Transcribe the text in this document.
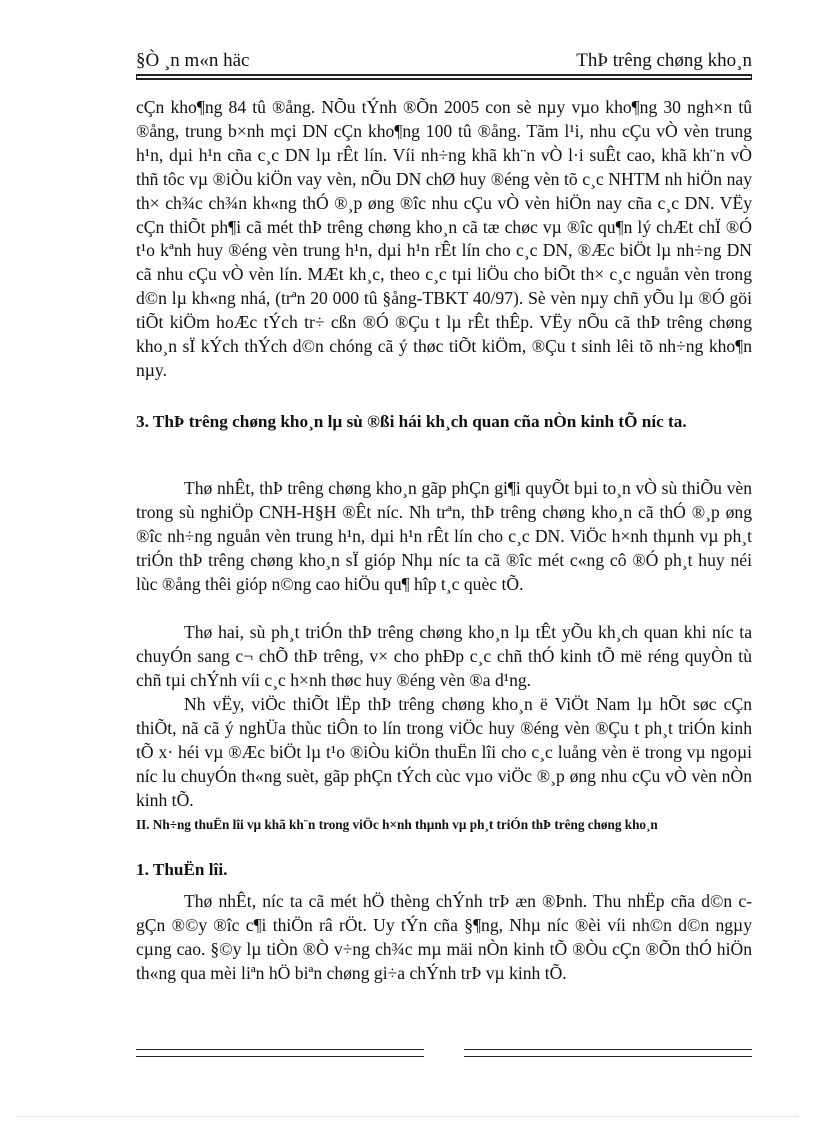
§Ò ¸n m«n häc	ThÞ trêng chøng kho¸n

cÇn kho¶ng 84 tû ®ång. NÕu tÝnh ®Õn 2005 con sè nµy vµo kho¶ng 30 ngh×n tû ®ång, trung b×nh mçi DN cÇn kho¶ng 100 tû ®ång. Tãm l¹i, nhu cÇu vÒ vèn trung h¹n, dµi h¹n cña c¸c DN lµ rÊt lín. Víi nh÷ng khã kh¨n vÒ l·i suÊt cao, khã kh¨n vÒ thñ tôc vµ ®iÒu kiÖn vay vèn, nÕu DN chØ huy ®éng vèn tõ c¸c NHTM nh hiÖn nay th× ch¾c ch¾n kh«ng thÓ ®¸p øng ®îc nhu cÇu vÒ vèn hiÖn nay cña c¸c DN. VËy cÇn thiÕt ph¶i cã mét thÞ trêng chøng kho¸n cã tæ chøc vµ ®îc qu¶n lý chÆt chÏ ®Ó t¹o kªnh huy ®éng vèn trung h¹n, dµi h¹n rÊt lín cho c¸c DN, ®Æc biÖt lµ nh÷ng DN cã nhu cÇu vÒ vèn lín. MÆt kh¸c, theo c¸c tµi liÖu cho biÕt th× c¸c nguån vèn trong d©n lµ kh«ng nhá, (trªn 20 000 tû §ång-TBKT 40/97). Sè vèn nµy chñ yÕu lµ ®Ó göi tiÕt kiÖm hoÆc tÝch tr÷ cßn ®Ó ®Çu t lµ rÊt thÊp. VËy nÕu cã thÞ trêng chøng kho¸n sÏ kÝch thÝch d©n chóng cã ý thøc tiÕt kiÖm, ®Çu t sinh lêi tõ nh÷ng kho¶n nµy.

3. ThÞ trêng chøng kho¸n lµ sù ®ßi hái kh¸ch quan cña nÒn kinh tÕ níc ta.

Thø nhÊt, thÞ trêng chøng kho¸n gãp phÇn gi¶i quyÕt bµi to¸n vÒ sù thiÕu vèn trong sù nghiÖp CNH-H§H ®Êt níc. Nh trªn, thÞ trêng chøng kho¸n cã thÓ ®¸p øng ®îc nh÷ng nguån vèn trung h¹n, dµi h¹n rÊt lín cho c¸c DN. ViÖc h×nh thµnh vµ ph¸t triÓn thÞ trêng chøng kho¸n sÏ gióp Nhµ níc ta cã ®îc mét c«ng cô ®Ó ph¸t huy néi lùc ®ång thêi gióp n©ng cao hiÖu qu¶ hîp t¸c quèc tÕ.

Thø hai, sù ph¸t triÓn thÞ trêng chøng kho¸n lµ tÊt yÕu kh¸ch quan khi níc ta chuyÓn sang c¬ chÕ thÞ trêng, v× cho phÐp c¸c chñ thÓ kinh tÕ më réng quyÒn tù chñ tµi chÝnh víi c¸c h×nh thøc huy ®éng vèn ®a d¹ng.

Nh vËy, viÖc thiÕt lËp thÞ trêng chøng kho¸n ë ViÖt Nam lµ hÕt søc cÇn thiÕt, nã cã ý nghÜa thùc tiÔn to lín trong viÖc huy ®éng vèn ®Çu t ph¸t triÓn kinh tÕ x· héi vµ ®Æc biÖt lµ t¹o ®iÒu kiÖn thuËn lîi cho c¸c luång vèn ë trong vµ ngoµi níc lu chuyÓn th«ng suèt, gãp phÇn tÝch cùc vµo viÖc ®¸p øng nhu cÇu vÒ vèn nÒn kinh tÕ.

II. Nh÷ng thuËn lîi vµ khã kh¨n trong viÖc h×nh thµnh vµ ph¸t triÓn thÞ trêng chøng kho¸n

1. ThuËn lîi.

Thø nhÊt, níc ta cã mét hÖ thèng chÝnh trÞ æn ®Þnh. Thu nhËp cña d©n c gÇn ®©y ®îc c¶i thiÖn râ rÖt. Uy tÝn cña §¶ng, Nhµ níc ®èi víi nh©n d©n ngµy cµng cao. §©y lµ tiÒn ®Ò v÷ng ch¾c mµ mäi nÒn kinh tÕ ®Òu cÇn ®Õn thÓ hiÖn th«ng qua mèi liªn hÖ biªn chøng gi÷a chÝnh trÞ vµ kinh tÕ.
